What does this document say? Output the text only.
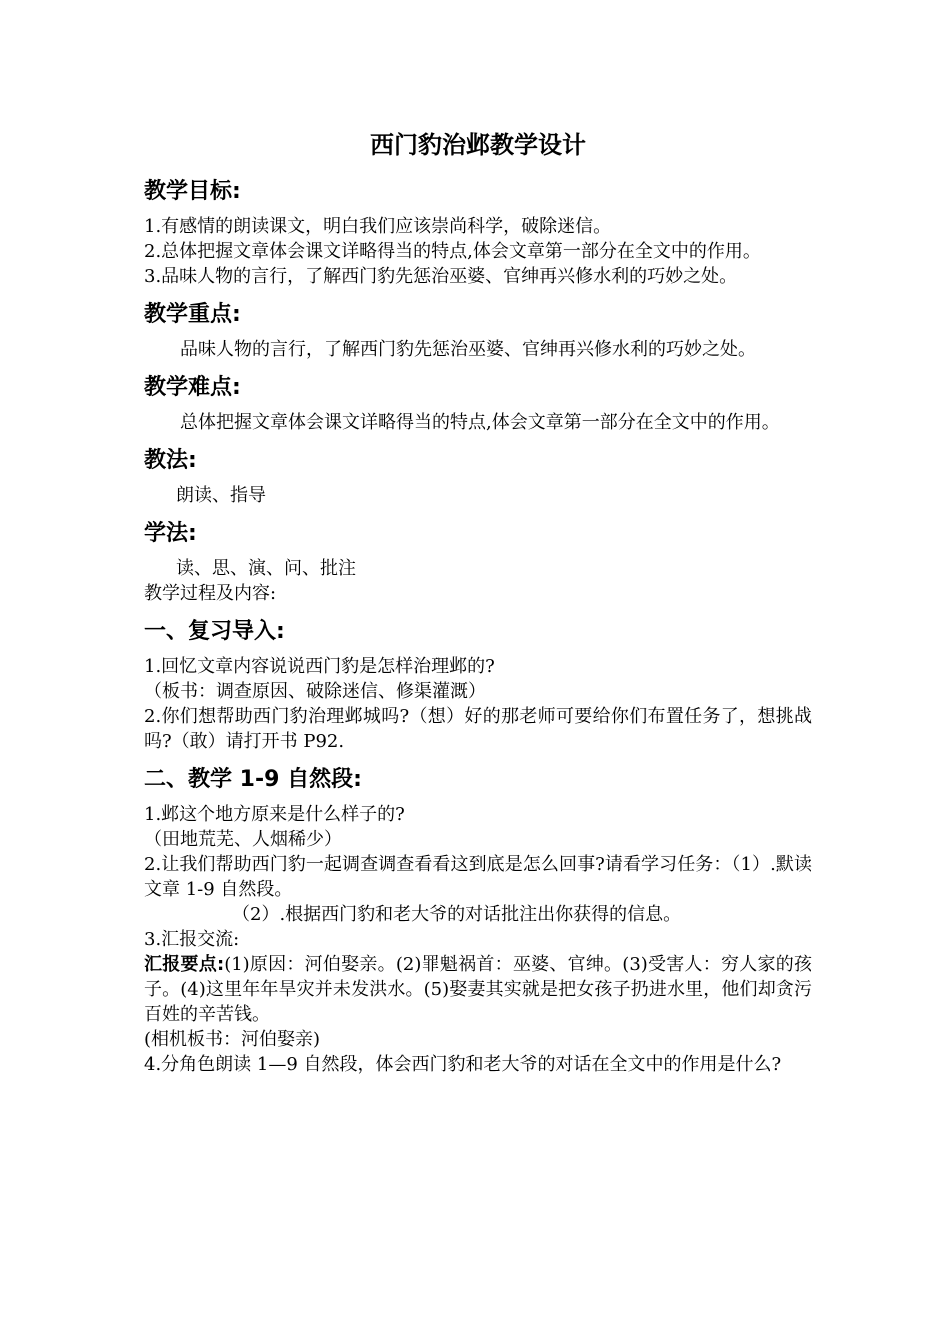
西门豹治邺教学设计
教学目标:

1.有感情的朗读课文，明白我们应该崇尚科学，破除迷信。

2.总体把握文章体会课文详略得当的特点,体会文章第一部分在全文中的作用。

3.品味人物的言行，了解西门豹先惩治巫婆、官绅再兴修水利的巧妙之处。

教学重点:

品味人物的言行，了解西门豹先惩治巫婆、官绅再兴修水利的巧妙之处。

教学难点:

总体把握文章体会课文详略得当的特点,体会文章第一部分在全文中的作用。

教法:

朗读、指导

学法:

读、思、演、问、批注

教学过程及内容:

一、复习导入:

1.回忆文章内容说说西门豹是怎样治理邺的?

（板书：调查原因、破除迷信、修渠灌溉）

2.你们想帮助西门豹治理邺城吗?（想）好的那老师可要给你们布置任务了，想挑战吗?（敢）请打开书 P92.

二、教学 1-9 自然段:

1.邺这个地方原来是什么样子的?

（田地荒芜、人烟稀少）

2.让我们帮助西门豹一起调查调查看看这到底是怎么回事?请看学习任务：（1）.默读文章 1-9 自然段。

（2）.根据西门豹和老大爷的对话批注出你获得的信息。

3.汇报交流:

汇报要点:(1)原因：河伯娶亲。(2)罪魁祸首：巫婆、官绅。(3)受害人：穷人家的孩子。(4)这里年年旱灾并未发洪水。(5)娶妻其实就是把女孩子扔进水里，他们却贪污百姓的辛苦钱。

(相机板书：河伯娶亲)

4.分角色朗读 1—9 自然段，体会西门豹和老大爷的对话在全文中的作用是什么?
